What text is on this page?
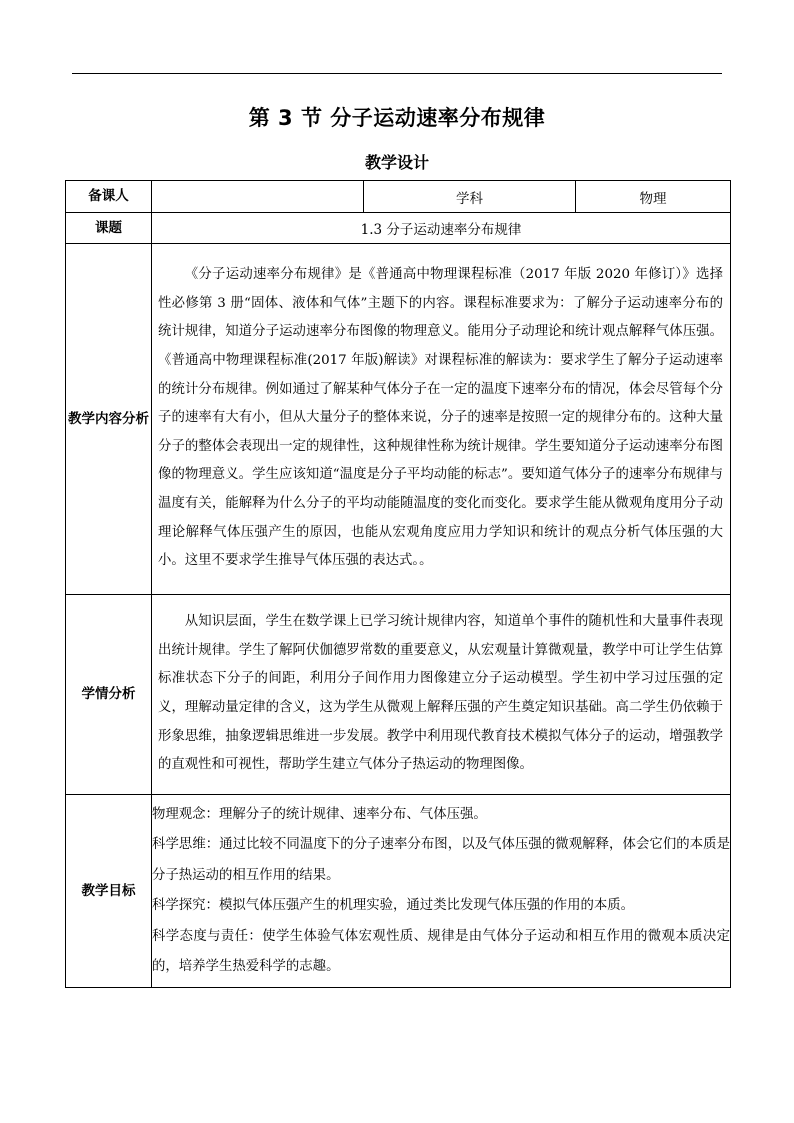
第 3 节 分子运动速率分布规律
教学设计
备课人		学科	物理
课题	1.3 分子运动速率分布规律		
教学内容分析	《分子运动速率分布规律》是《普通高中物理课程标准（2017 年版 2020 年修订）》选择性必修第 3 册“固体、液体和气体”主题下的内容。课程标准要求为：了解分子运动速率分布的统计规律，知道分子运动速率分布图像的物理意义。能用分子动理论和统计观点解释气体压强。《普通高中物理课程标准(2017 年版)解读》对课程标准的解读为：要求学生了解分子运动速率的统计分布规律。例如通过了解某种气体分子在一定的温度下速率分布的情况，体会尽管每个分子的速率有大有小，但从大量分子的整体来说，分子的速率是按照一定的规律分布的。这种大量分子的整体会表现出一定的规律性，这种规律性称为统计规律。学生要知道分子运动速率分布图像的物理意义。学生应该知道“温度是分子平均动能的标志”。要知道气体分子的速率分布规律与温度有关，能解释为什么分子的平均动能随温度的变化而变化。要求学生能从微观角度用分子动理论解释气体压强产生的原因，也能从宏观角度应用力学知识和统计的观点分析气体压强的大小。这里不要求学生推导气体压强的表达式。。		

学情分析	从知识层面，学生在数学课上已学习统计规律内容，知道单个事件的随机性和大量事件表现出统计规律。学生了解阿伏伽德罗常数的重要意义，从宏观量计算微观量，教学中可让学生估算标准状态下分子的间距，利用分子间作用力图像建立分子运动模型。学生初中学习过压强的定义，理解动量定律的含义，这为学生从微观上解释压强的产生奠定知识基础。高二学生仍依赖于形象思维，抽象逻辑思维进一步发展。教学中利用现代教育技术模拟气体分子的运动，增强教学的直观性和可视性，帮助学生建立气体分子热运动的物理图像。		

教学目标	物理观念：理解分子的统计规律、速率分布、气体压强。

科学思维：通过比较不同温度下的分子速率分布图，以及气体压强的微观解释，体会它们的本质是分子热运动的相互作用的结果。

科学探究：模拟气体压强产生的机理实验，通过类比发现气体压强的作用的本质。

科学态度与责任：使学生体验气体宏观性质、规律是由气体分子运动和相互作用的微观本质决定的，培养学生热爱科学的志趣。		
